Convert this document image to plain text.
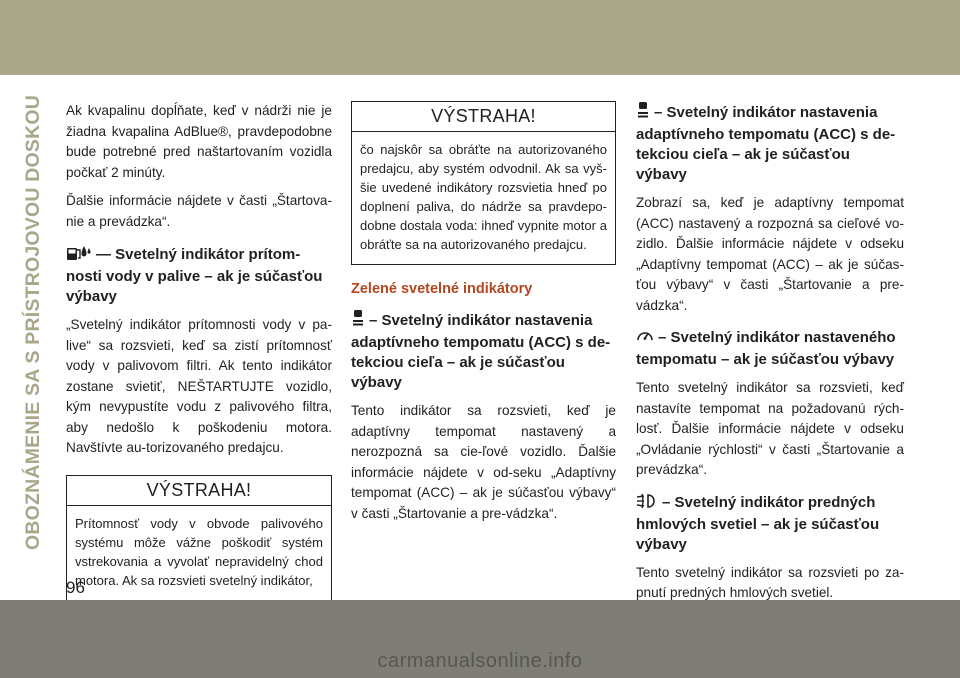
OBOZNÁMENIE SA S PRÍSTROJOVOU DOSKOU
96
carmanualsonline.info

Ak kvapalinu dopĺňate, keď v nádrži nie je žiadna kvapalina AdBlue®, pravdepodobne bude potrebné pred naštartovaním vozidla počkať 2 minúty.

Ďalšie informácie nájdete v časti „Štartova-nie a prevádzka“.

— Svetelný indikátor prítom-nosti vody v palive – ak je súčasťou výbavy

„Svetelný indikátor prítomnosti vody v pa-live“ sa rozsvieti, keď sa zistí prítomnosť vody v palivovom filtri. Ak tento indikátor zostane svietiť, NEŠTARTUJTE vozidlo, kým nevypustíte vodu z palivového filtra, aby nedošlo k poškodeniu motora. Navštívte au-torizovaného predajcu.

VÝSTRAHA!
Prítomnosť vody v obvode palivového systému môže vážne poškodiť systém vstrekovania a vyvolať nepravidelný chod motora. Ak sa rozsvieti svetelný indikátor,
VÝSTRAHA!
čo najskôr sa obráťte na autorizovaného predajcu, aby systém odvodnil. Ak sa vyš-šie uvedené indikátory rozsvietia hneď po doplnení paliva, do nádrže sa pravdepo-dobne dostala voda: ihneď vypnite motor a obráťte sa na autorizovaného predajcu.
Zelené svetelné indikátory
– Svetelný indikátor nastavenia adaptívneho tempomatu (ACC) s de-tekciou cieľa – ak je súčasťou výbavy

Tento indikátor sa rozsvieti, keď je adaptívny tempomat nastavený a nerozpozná sa cie-ľové vozidlo. Ďalšie informácie nájdete v od-seku „Adaptívny tempomat (ACC) – ak je súčasťou výbavy“ v časti „Štartovanie a pre-vádzka“.

– Svetelný indikátor nastavenia adaptívneho tempomatu (ACC) s de-tekciou cieľa – ak je súčasťou výbavy

Zobrazí sa, keď je adaptívny tempomat (ACC) nastavený a rozpozná sa cieľové vo-zidlo. Ďalšie informácie nájdete v odseku „Adaptívny tempomat (ACC) – ak je súčas-ťou výbavy“ v časti „Štartovanie a pre-vádzka“.

– Svetelný indikátor nastaveného tempomatu – ak je súčasťou výbavy

Tento svetelný indikátor sa rozsvieti, keď nastavíte tempomat na požadovanú rých-losť. Ďalšie informácie nájdete v odseku „Ovládanie rýchlosti“ v časti „Štartovanie a prevádzka“.

– Svetelný indikátor predných hmlových svetiel – ak je súčasťou výbavy

Tento svetelný indikátor sa rozsvieti po za-pnutí predných hmlových svetiel.
